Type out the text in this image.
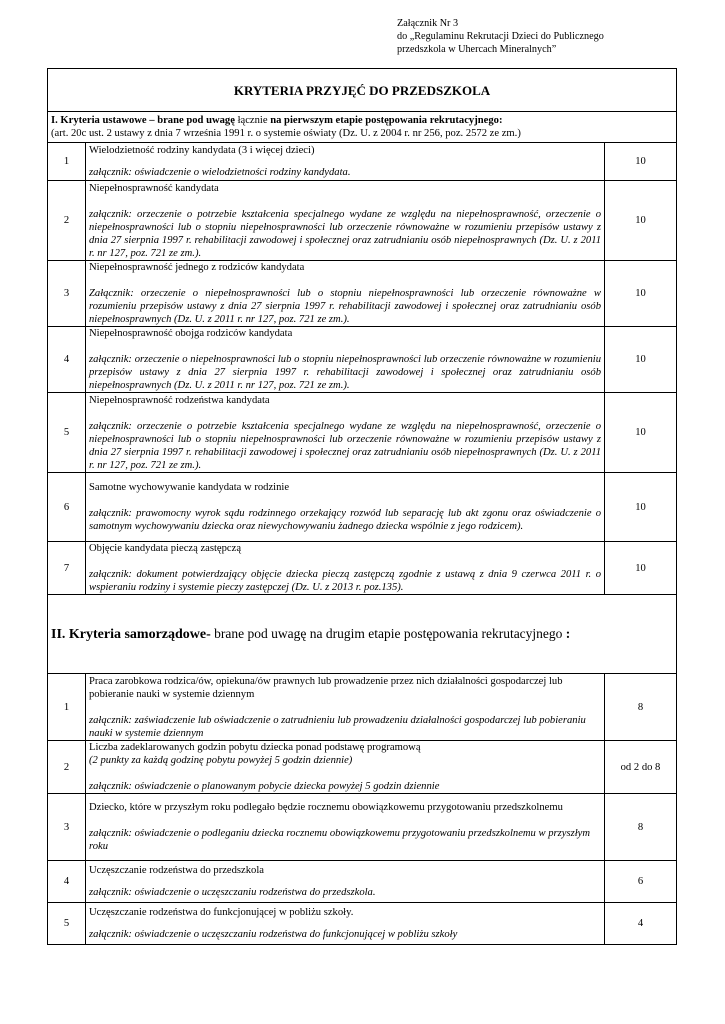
Załącznik Nr 3
do „Regulaminu Rekrutacji Dzieci do Publicznego
przedszkola w Uhercach Mineralnych”
KRYTERIA PRZYJĘĆ DO PRZEDSZKOLA		

I. Kryteria ustawowe – brane pod uwagę łącznie na pierwszym etapie postępowania rekrutacyjnego:
(art. 20c ust. 2 ustawy z dnia 7 września 1991 r. o systemie oświaty (Dz. U. z 2004 r. nr 256, poz. 2572 ze zm.)		

1	Wielodzietność rodziny kandydata (3 i więcej dzieci)
załącznik: oświadczenie o wielodzietności rodziny kandydata.	10
2	Niepełnosprawność kandydata
załącznik: orzeczenie o potrzebie kształcenia specjalnego wydane ze względu na niepełnosprawność, orzeczenie o niepełnosprawności lub o stopniu niepełnosprawności lub orzeczenie równoważne w rozumieniu przepisów ustawy z dnia 27 sierpnia 1997 r. rehabilitacji zawodowej i społecznej oraz zatrudnianiu osób niepełnosprawnych (Dz. U. z 2011 r. nr 127, poz. 721 ze zm.).	10
3	Niepełnosprawność jednego z rodziców kandydata
Załącznik: orzeczenie o niepełnosprawności lub o stopniu niepełnosprawności lub orzeczenie równoważne w rozumieniu przepisów ustawy z dnia 27 sierpnia 1997 r. rehabilitacji zawodowej i społecznej oraz zatrudnianiu osób niepełnosprawnych (Dz. U. z 2011 r. nr 127, poz. 721 ze zm.).	10
4	Niepełnosprawność obojga rodziców kandydata
załącznik: orzeczenie o niepełnosprawności lub o stopniu niepełnosprawności lub orzeczenie równoważne w rozumieniu przepisów ustawy z dnia 27 sierpnia 1997 r. rehabilitacji zawodowej i społecznej oraz zatrudnianiu osób niepełnosprawnych (Dz. U. z 2011 r. nr 127, poz. 721 ze zm.).	10
5	Niepełnosprawność rodzeństwa kandydata
załącznik: orzeczenie o potrzebie kształcenia specjalnego wydane ze względu na niepełnosprawność, orzeczenie o niepełnosprawności lub o stopniu niepełnosprawności lub orzeczenie równoważne w rozumieniu przepisów ustawy z dnia 27 sierpnia 1997 r. rehabilitacji zawodowej i społecznej oraz zatrudnianiu osób niepełnosprawnych (Dz. U. z 2011 r. nr 127, poz. 721 ze zm.).	10
6	Samotne wychowywanie kandydata w rodzinie
załącznik: prawomocny wyrok sądu rodzinnego orzekający rozwód lub separację lub akt zgonu oraz oświadczenie o samotnym wychowywaniu dziecka oraz niewychowywaniu żadnego dziecka wspólnie z jego rodzicem).	10
7	Objęcie kandydata pieczą zastępczą
załącznik: dokument potwierdzający objęcie dziecka pieczą zastępczą zgodnie z ustawą z dnia 9 czerwca 2011 r. o wspieraniu rodziny i systemie pieczy zastępczej (Dz. U. z 2013 r. poz.135).	10
II. Kryteria samorządowe- brane pod uwagę na drugim etapie postępowania rekrutacyjnego :		
1	Praca zarobkowa rodzica/ów, opiekuna/ów prawnych lub prowadzenie przez nich działalności gospodarczej lub pobieranie nauki w systemie dziennym
załącznik: zaświadczenie lub oświadczenie o zatrudnieniu lub prowadzeniu działalności gospodarczej lub pobieraniu nauki w systemie dziennym	8
2	Liczba zadeklarowanych godzin pobytu dziecka ponad podstawę programową
(2 punkty za każdą godzinę pobytu powyżej 5 godzin dziennie)
załącznik: oświadczenie o planowanym pobycie dziecka powyżej 5 godzin dziennie	od 2 do 8
3	Dziecko, które w przyszłym roku podlegało będzie rocznemu obowiązkowemu przygotowaniu przedszkolnemu
załącznik: oświadczenie o podleganiu dziecka rocznemu obowiązkowemu przygotowaniu przedszkolnemu w przyszłym roku	8
4	Uczęszczanie rodzeństwa do przedszkola
załącznik: oświadczenie o uczęszczaniu rodzeństwa do przedszkola.	6
5	Uczęszczanie rodzeństwa do funkcjonującej w pobliżu szkoły.
załącznik: oświadczenie o uczęszczaniu rodzeństwa do funkcjonującej w pobliżu szkoły	4
